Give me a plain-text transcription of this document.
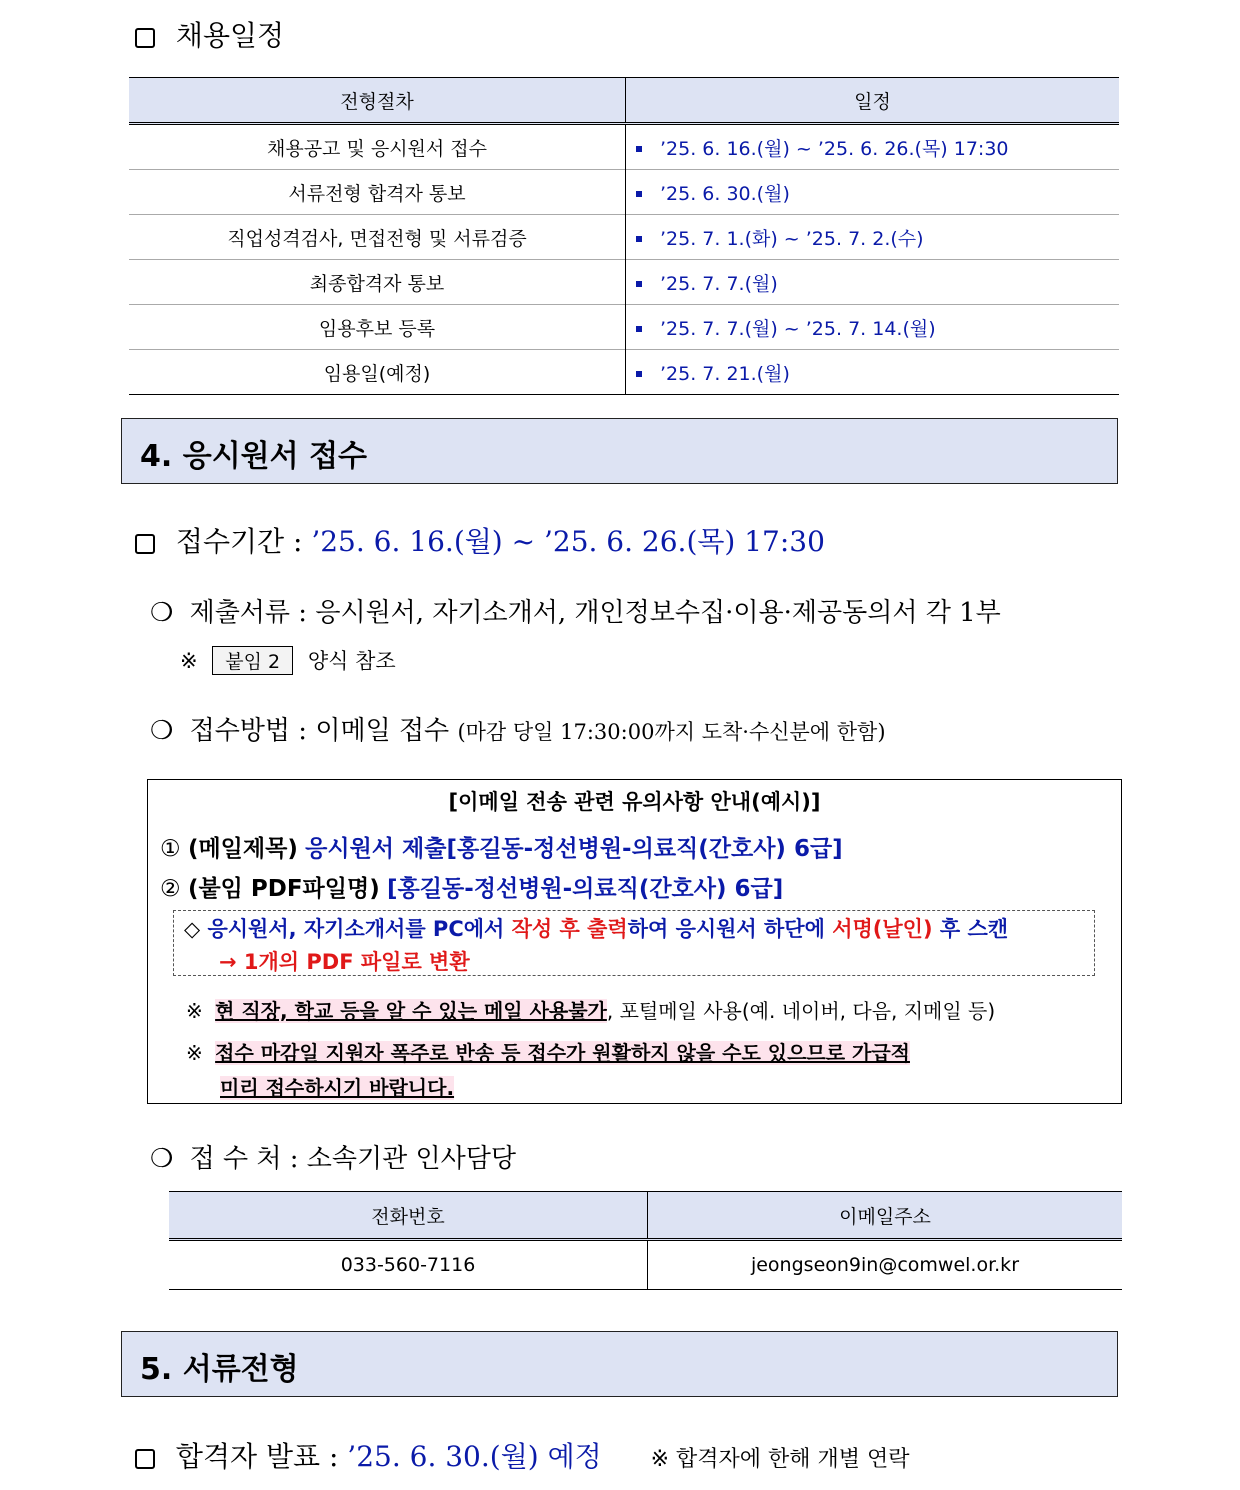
채용일정
전형절차	일정
채용공고 및 응시원서 접수	’25. 6. 16.(월) ~ ’25. 6. 26.(목) 17:30
서류전형 합격자 통보	’25. 6. 30.(월)
직업성격검사, 면접전형 및 서류검증	’25. 7. 1.(화) ~ ’25. 7. 2.(수)
최종합격자 통보	’25. 7. 7.(월)
임용후보 등록	’25. 7. 7.(월) ~ ’25. 7. 14.(월)
임용일(예정)	’25. 7. 21.(월)
4. 응시원서 접수
접수기간 : ’25. 6. 16.(월) ~ ’25. 6. 26.(목) 17:30
❍ 제출서류 : 응시원서, 자기소개서, 개인정보수집·이용·제공동의서 각 1부
※ 붙임 2 양식 참조
❍ 접수방법 : 이메일 접수 (마감 당일 17:30:00까지 도착·수신분에 한함)
[이메일 전송 관련 유의사항 안내(예시)]
① (메일제목) 응시원서 제출[홍길동-정선병원-의료직(간호사) 6급]
② (붙임 PDF파일명) [홍길동-정선병원-의료직(간호사) 6급]
◇ 응시원서, 자기소개서를 PC에서 작성 후 출력하여 응시원서 하단에 서명(날인) 후 스캔
→ 1개의 PDF 파일로 변환
※ 현 직장, 학교 등을 알 수 있는 메일 사용불가, 포털메일 사용(예. 네이버, 다음, 지메일 등)
※ 접수 마감일 지원자 폭주로 반송 등 접수가 원활하지 않을 수도 있으므로 가급적
미리 접수하시기 바랍니다.
❍ 접 수 처 : 소속기관 인사담당
전화번호	이메일주소
033-560-7116	jeongseon9in@comwel.or.kr
5. 서류전형
합격자 발표 : ’25. 6. 30.(월) 예정 ※ 합격자에 한해 개별 연락
